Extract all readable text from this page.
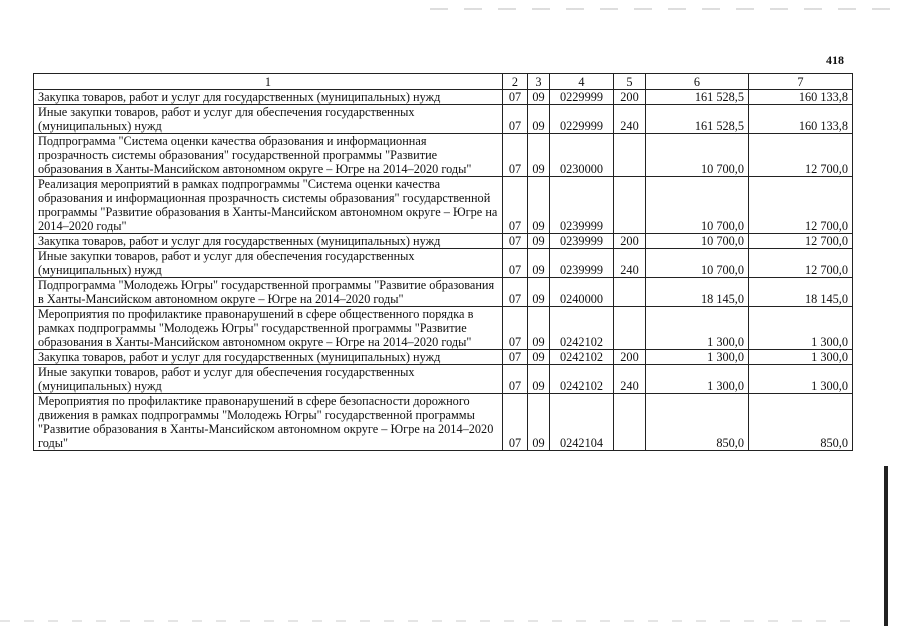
418
1	2	3	4	5	6	7
Закупка товаров, работ и услуг для государственных (муниципальных) нужд	07	09	0229999	200	161 528,5	160 133,8
Иные закупки товаров, работ и услуг для обеспечения государственных (муниципальных) нужд	07	09	0229999	240	161 528,5	160 133,8
Подпрограмма "Система оценки качества образования и информационная прозрачность системы образования" государственной программы "Развитие образования в Ханты-Мансийском автономном округе – Югре на 2014–2020 годы"	07	09	0230000		10 700,0	12 700,0
Реализация мероприятий в рамках подпрограммы "Система оценки качества образования и информационная прозрачность системы образования" государственной программы "Развитие образования в Ханты-Мансийском автономном округе – Югре на 2014–2020 годы"	07	09	0239999		10 700,0	12 700,0
Закупка товаров, работ и услуг для государственных (муниципальных) нужд	07	09	0239999	200	10 700,0	12 700,0
Иные закупки товаров, работ и услуг для обеспечения государственных (муниципальных) нужд	07	09	0239999	240	10 700,0	12 700,0
Подпрограмма "Молодежь Югры" государственной программы "Развитие образования в Ханты-Мансийском автономном округе – Югре на 2014–2020 годы"	07	09	0240000		18 145,0	18 145,0
Мероприятия по профилактике правонарушений в сфере общественного порядка в рамках подпрограммы "Молодежь Югры" государственной программы "Развитие образования в Ханты-Мансийском автономном округе – Югре на 2014–2020 годы"	07	09	0242102		1 300,0	1 300,0
Закупка товаров, работ и услуг для государственных (муниципальных) нужд	07	09	0242102	200	1 300,0	1 300,0
Иные закупки товаров, работ и услуг для обеспечения государственных (муниципальных) нужд	07	09	0242102	240	1 300,0	1 300,0
Мероприятия по профилактике правонарушений в сфере безопасности дорожного движения в рамках подпрограммы "Молодежь Югры" государственной программы "Развитие образования в Ханты-Мансийском автономном округе – Югре на 2014–2020 годы"	07	09	0242104		850,0	850,0
